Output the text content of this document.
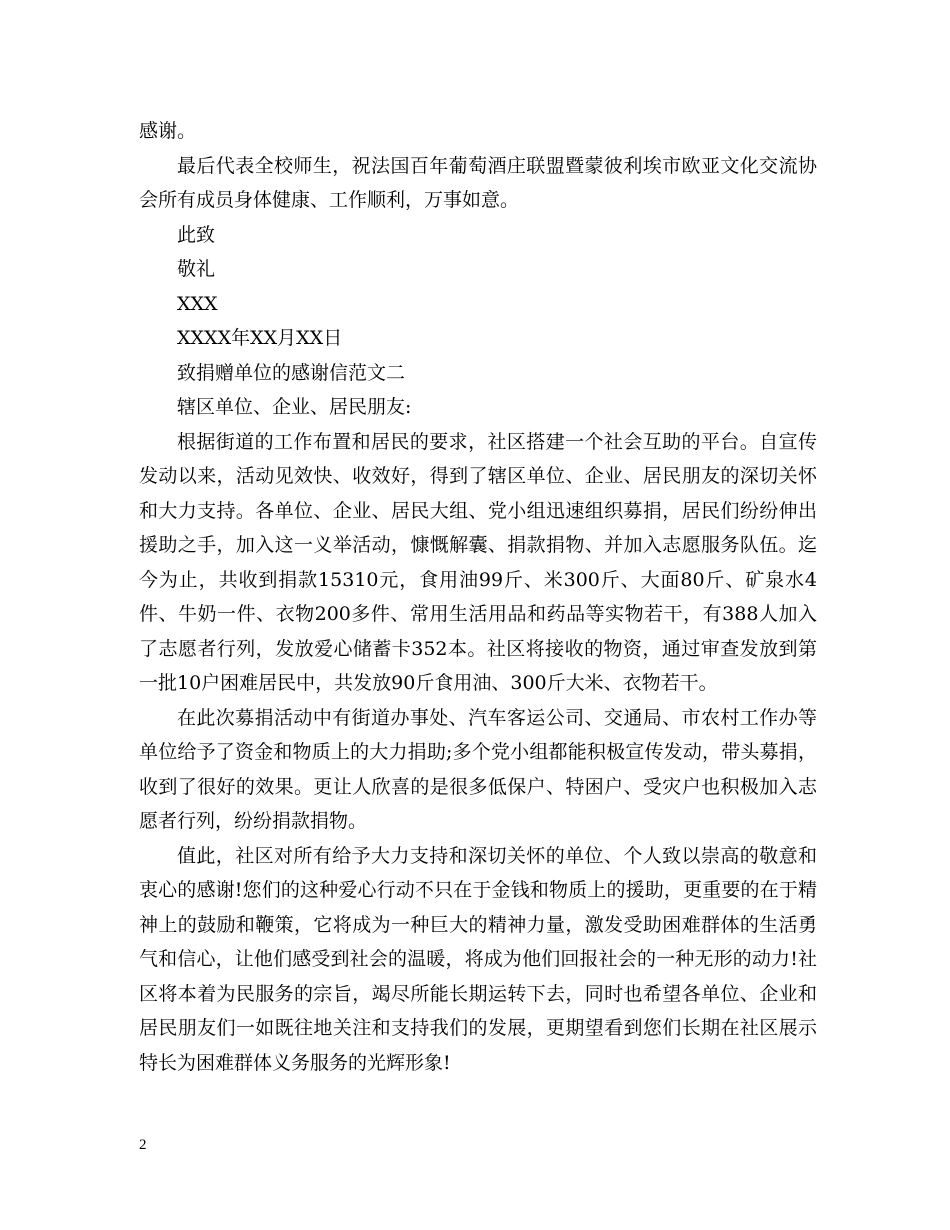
感谢。

最后代表全校师生，祝法国百年葡萄酒庄联盟暨蒙彼利埃市欧亚文化交流协会所有成员身体健康、工作顺利，万事如意。

此致

敬礼

XXX

XXXX年XX月XX日

致捐赠单位的感谢信范文二

辖区单位、企业、居民朋友:

根据街道的工作布置和居民的要求，社区搭建一个社会互助的平台。自宣传发动以来，活动见效快、收效好，得到了辖区单位、企业、居民朋友的深切关怀和大力支持。各单位、企业、居民大组、党小组迅速组织募捐，居民们纷纷伸出援助之手，加入这一义举活动，慷慨解囊、捐款捐物、并加入志愿服务队伍。迄今为止，共收到捐款15310元，食用油99斤、米300斤、大面80斤、矿泉水4件、牛奶一件、衣物200多件、常用生活用品和药品等实物若干，有388人加入了志愿者行列，发放爱心储蓄卡352本。社区将接收的物资，通过审查发放到第一批10户困难居民中，共发放90斤食用油、300斤大米、衣物若干。

在此次募捐活动中有街道办事处、汽车客运公司、交通局、市农村工作办等单位给予了资金和物质上的大力捐助;多个党小组都能积极宣传发动，带头募捐，收到了很好的效果。更让人欣喜的是很多低保户、特困户、受灾户也积极加入志愿者行列，纷纷捐款捐物。

值此，社区对所有给予大力支持和深切关怀的单位、个人致以崇高的敬意和衷心的感谢!您们的这种爱心行动不只在于金钱和物质上的援助，更重要的在于精神上的鼓励和鞭策，它将成为一种巨大的精神力量，激发受助困难群体的生活勇气和信心，让他们感受到社会的温暖，将成为他们回报社会的一种无形的动力!社区将本着为民服务的宗旨，竭尽所能长期运转下去，同时也希望各单位、企业和居民朋友们一如既往地关注和支持我们的发展，更期望看到您们长期在社区展示特长为困难群体义务服务的光辉形象!

2
